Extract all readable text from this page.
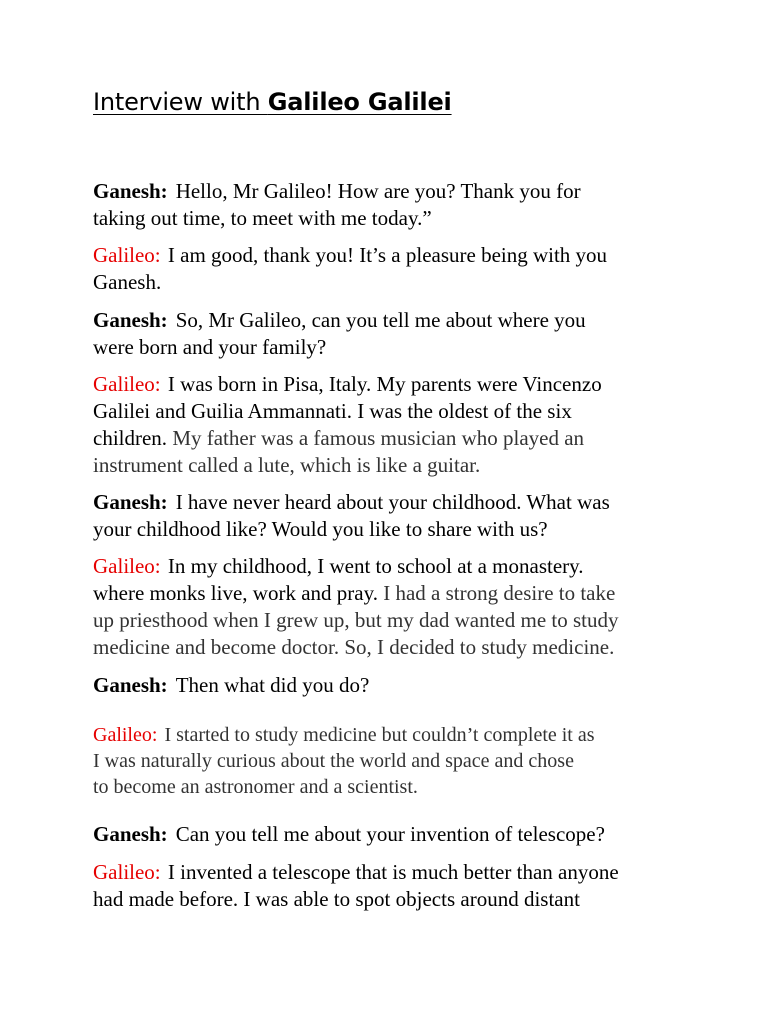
Interview with Galileo Galilei

Ganesh: Hello, Mr Galileo! How are you? Thank you for
taking out time, to meet with me today.”

Galileo: I am good, thank you! It’s a pleasure being with you
Ganesh.

Ganesh: So, Mr Galileo, can you tell me about where you
were born and your family?

Galileo: I was born in Pisa, Italy. My parents were Vincenzo
Galilei and Guilia Ammannati. I was the oldest of the six
children. My father was a famous musician who played an
instrument called a lute, which is like a guitar.

Ganesh: I have never heard about your childhood. What was
your childhood like? Would you like to share with us?

Galileo: In my childhood, I went to school at a monastery.
where monks live, work and pray. I had a strong desire to take
up priesthood when I grew up, but my dad wanted me to study
medicine and become doctor. So, I decided to study medicine.

Ganesh: Then what did you do?

Galileo: I started to study medicine but couldn’t complete it as
I was naturally curious about the world and space and chose
to become an astronomer and a scientist.

Ganesh: Can you tell me about your invention of telescope?

Galileo: I invented a telescope that is much better than anyone
had made before. I was able to spot objects around distant
